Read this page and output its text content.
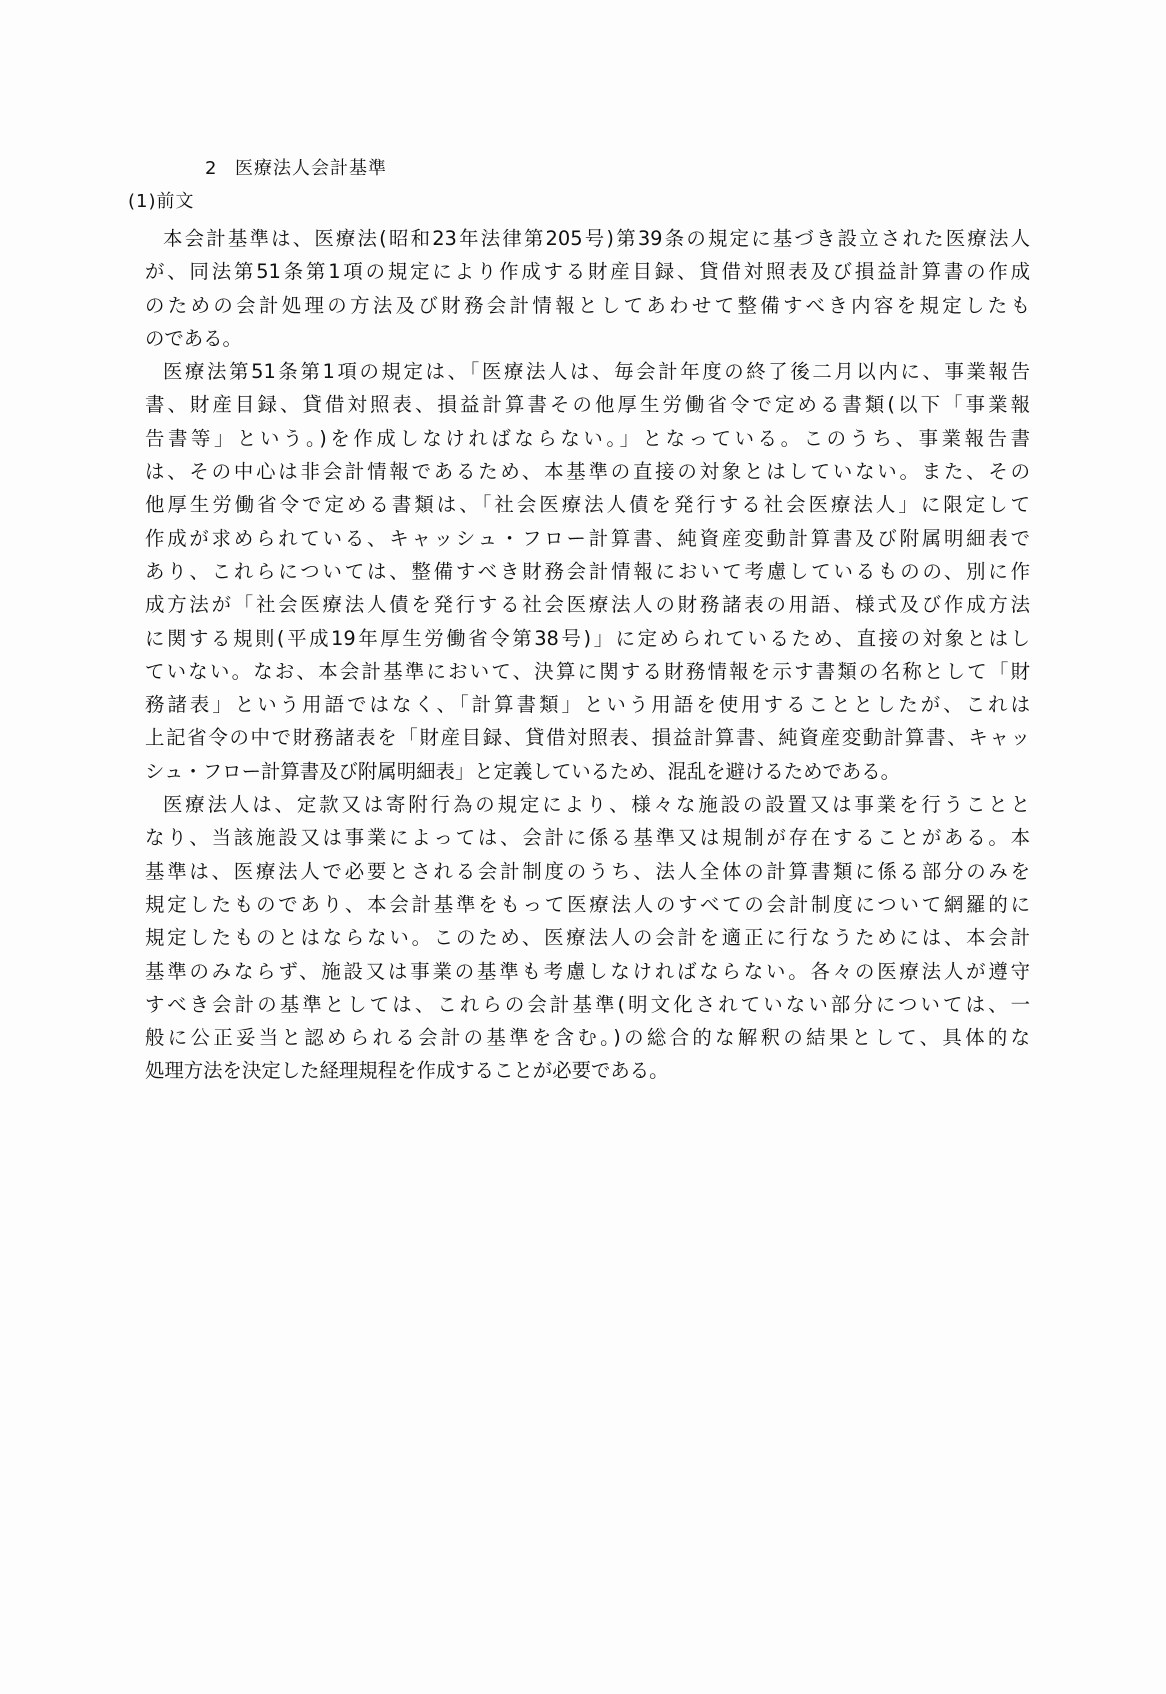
2 医療法人会計基準
(1)前文
本会計基準は、医療法(昭和23年法律第205号)第39条の規定に基づき設立された医療法人
が、同法第51条第1項の規定により作成する財産目録、貸借対照表及び損益計算書の作成
のための会計処理の方法及び財務会計情報としてあわせて整備すべき内容を規定したも
のである。
医療法第51条第1項の規定は、「医療法人は、毎会計年度の終了後二月以内に、事業報告
書、財産目録、貸借対照表、損益計算書その他厚生労働省令で定める書類(以下「事業報
告書等」という。)を作成しなければならない。」となっている。このうち、事業報告書
は、その中心は非会計情報であるため、本基準の直接の対象とはしていない。また、その
他厚生労働省令で定める書類は、「社会医療法人債を発行する社会医療法人」に限定して
作成が求められている、キャッシュ・フロー計算書、純資産変動計算書及び附属明細表で
あり、これらについては、整備すべき財務会計情報において考慮しているものの、別に作
成方法が「社会医療法人債を発行する社会医療法人の財務諸表の用語、様式及び作成方法
に関する規則(平成19年厚生労働省令第38号)」に定められているため、直接の対象とはし
ていない。なお、本会計基準において、決算に関する財務情報を示す書類の名称として「財
務諸表」という用語ではなく、「計算書類」という用語を使用することとしたが、これは
上記省令の中で財務諸表を「財産目録、貸借対照表、損益計算書、純資産変動計算書、キャッ
シュ・フロー計算書及び附属明細表」と定義しているため、混乱を避けるためである。
医療法人は、定款又は寄附行為の規定により、様々な施設の設置又は事業を行うことと
なり、当該施設又は事業によっては、会計に係る基準又は規制が存在することがある。本
基準は、医療法人で必要とされる会計制度のうち、法人全体の計算書類に係る部分のみを
規定したものであり、本会計基準をもって医療法人のすべての会計制度について網羅的に
規定したものとはならない。このため、医療法人の会計を適正に行なうためには、本会計
基準のみならず、施設又は事業の基準も考慮しなければならない。各々の医療法人が遵守
すべき会計の基準としては、これらの会計基準(明文化されていない部分については、一
般に公正妥当と認められる会計の基準を含む。)の総合的な解釈の結果として、具体的な
処理方法を決定した経理規程を作成することが必要である。
